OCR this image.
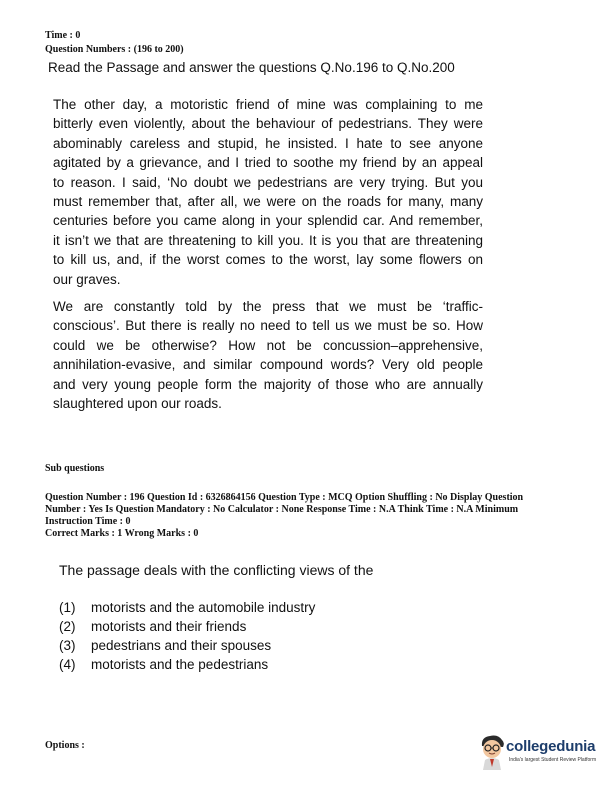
Time : 0
Question Numbers : (196 to 200)
Read the Passage and answer the questions Q.No.196 to Q.No.200
The other day, a motoristic friend of mine was complaining to me
bitterly even violently, about the behaviour of pedestrians. They were
abominably careless and stupid, he insisted. I hate to see anyone
agitated by a grievance, and I tried to soothe my friend by an appeal
to reason. I said, ‘No doubt we pedestrians are very trying. But you
must remember that, after all, we were on the roads for many, many
centuries before you came along in your splendid car. And remember,
it isn’t we that are threatening to kill you. It is you that are threatening
to kill us, and, if the worst comes to the worst, lay some flowers on
our graves.
We are constantly told by the press that we must be ‘traffic-
conscious’. But there is really no need to tell us we must be so. How
could we be otherwise? How not be concussion–apprehensive,
annihilation-evasive, and similar compound words? Very old people
and very young people form the majority of those who are annually
slaughtered upon our roads.
Sub questions
Question Number : 196 Question Id : 6326864156 Question Type : MCQ Option Shuffling : No Display Question
Number : Yes Is Question Mandatory : No Calculator : None Response Time : N.A Think Time : N.A Minimum
Instruction Time : 0
Correct Marks : 1 Wrong Marks : 0
The passage deals with the conflicting views of the
(1) motorists and the automobile industry
(2) motorists and their friends
(3) pedestrians and their spouses
(4) motorists and the pedestrians
Options :	collegedunia
India's largest Student Review Platform
